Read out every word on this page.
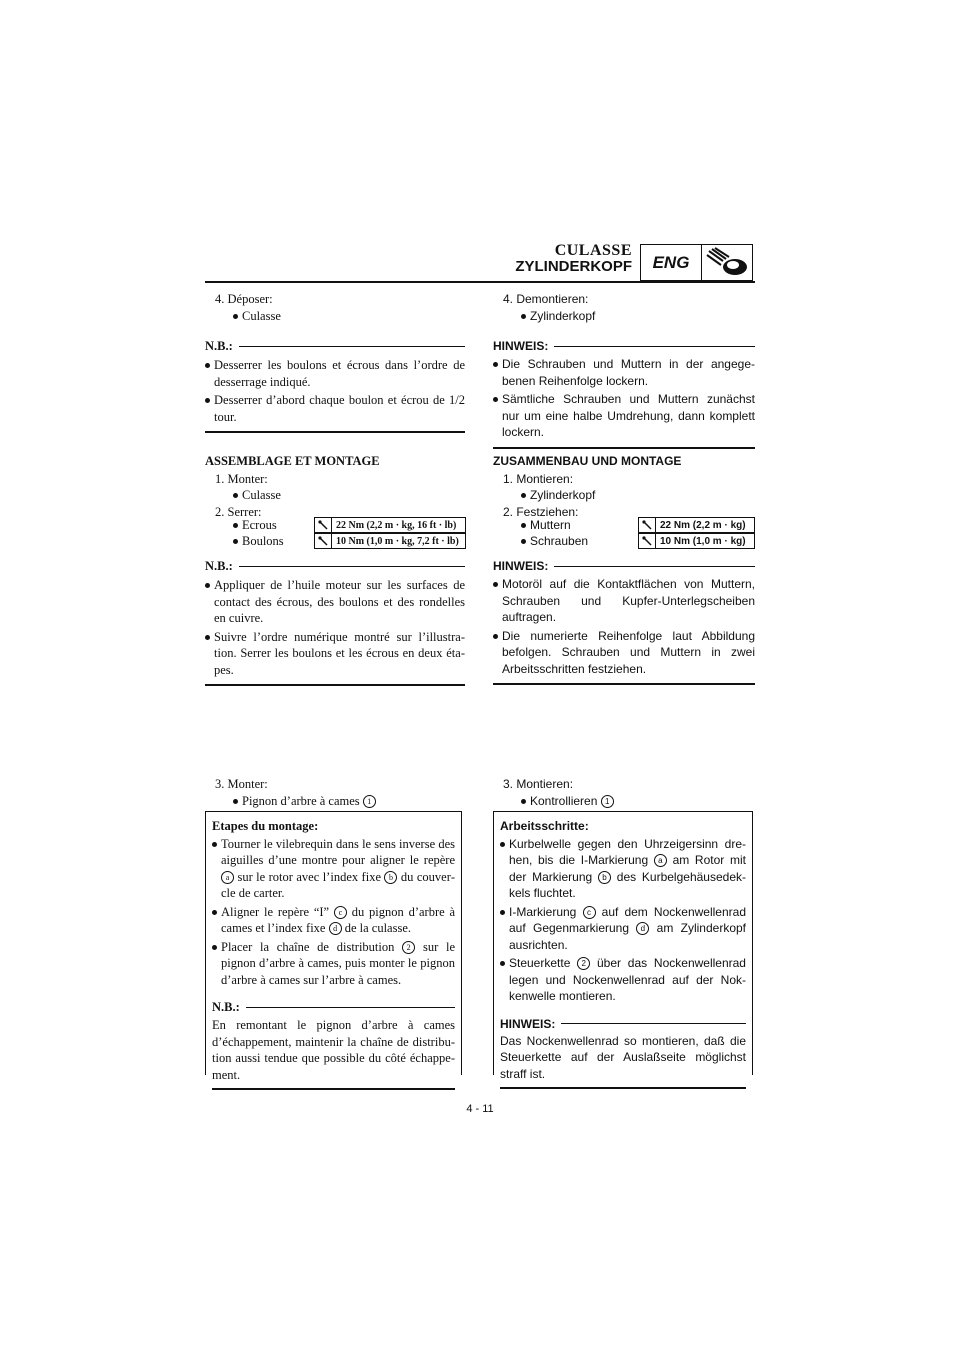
CULASSE
ZYLINDERKOPF	ENG

4. Déposer:

Culasse

N.B.:

Desserrer les boulons et écrous dans l’ordre de desserrage indiqué.

Desserrer d’abord chaque boulon et écrou de 1/2 tour.

ASSEMBLAGE ET MONTAGE

1. Monter:

Culasse

2. Serrer:

Ecrous	22 Nm (2,2 m · kg, 16 ft · lb)

Boulons	10 Nm (1,0 m · kg, 7,2 ft · lb)
N.B.:

Appliquer de l’huile moteur sur les surfaces de contact des écrous, des boulons et des rondelles en cuivre.

Suivre l’ordre numérique montré sur l’illustration. Serrer les boulons et les écrous en deux étapes.

3. Monter:

Pignon d’arbre à cames 1

Etapes du montage:

Tourner le vilebrequin dans le sens inverse des aiguilles d’une montre pour aligner le repère a sur le rotor avec l’index fixe b du couvercle de carter.

Aligner le repère “I” c du pignon d’arbre à cames et l’index fixe d de la culasse.

Placer la chaîne de distribution 2 sur le pignon d’arbre à cames, puis monter le pignon d’arbre à cames sur l’arbre à cames.

N.B.:

En remontant le pignon d’arbre à cames d’échappement, maintenir la chaîne de distribution aussi tendue que possible du côté échappement.

4. Demontieren:

Zylinderkopf

HINWEIS:

Die Schrauben und Muttern in der angegebenen Reihenfolge lockern.

Sämtliche Schrauben und Muttern zunächst nur um eine halbe Umdrehung, dann komplett lockern.

ZUSAMMENBAU UND MONTAGE

1. Montieren:

Zylinderkopf

2. Festziehen:

Muttern	22 Nm (2,2 m · kg)

Schrauben	10 Nm (1,0 m · kg)
HINWEIS:

Motoröl auf die Kontaktflächen von Muttern, Schrauben und Kupfer-Unterlegscheiben auftragen.

Die numerierte Reihenfolge laut Abbildung befolgen. Schrauben und Muttern in zwei Arbeitsschritten festziehen.

3. Montieren:

Kontrollieren 1

Arbeitsschritte:

Kurbelwelle gegen den Uhrzeigersinn drehen, bis die I-Markierung a am Rotor mit der Markierung b des Kurbelgehäusedekkels fluchtet.

I-Markierung c auf dem Nockenwellenrad auf Gegenmarkierung d am Zylinderkopf ausrichten.

Steuerkette 2 über das Nockenwellenrad legen und Nockenwellenrad auf der Nokkenwelle montieren.

HINWEIS:

Das Nockenwellenrad so montieren, daß die Steuerkette auf der Auslaßseite möglichst straff ist.

4 - 11
